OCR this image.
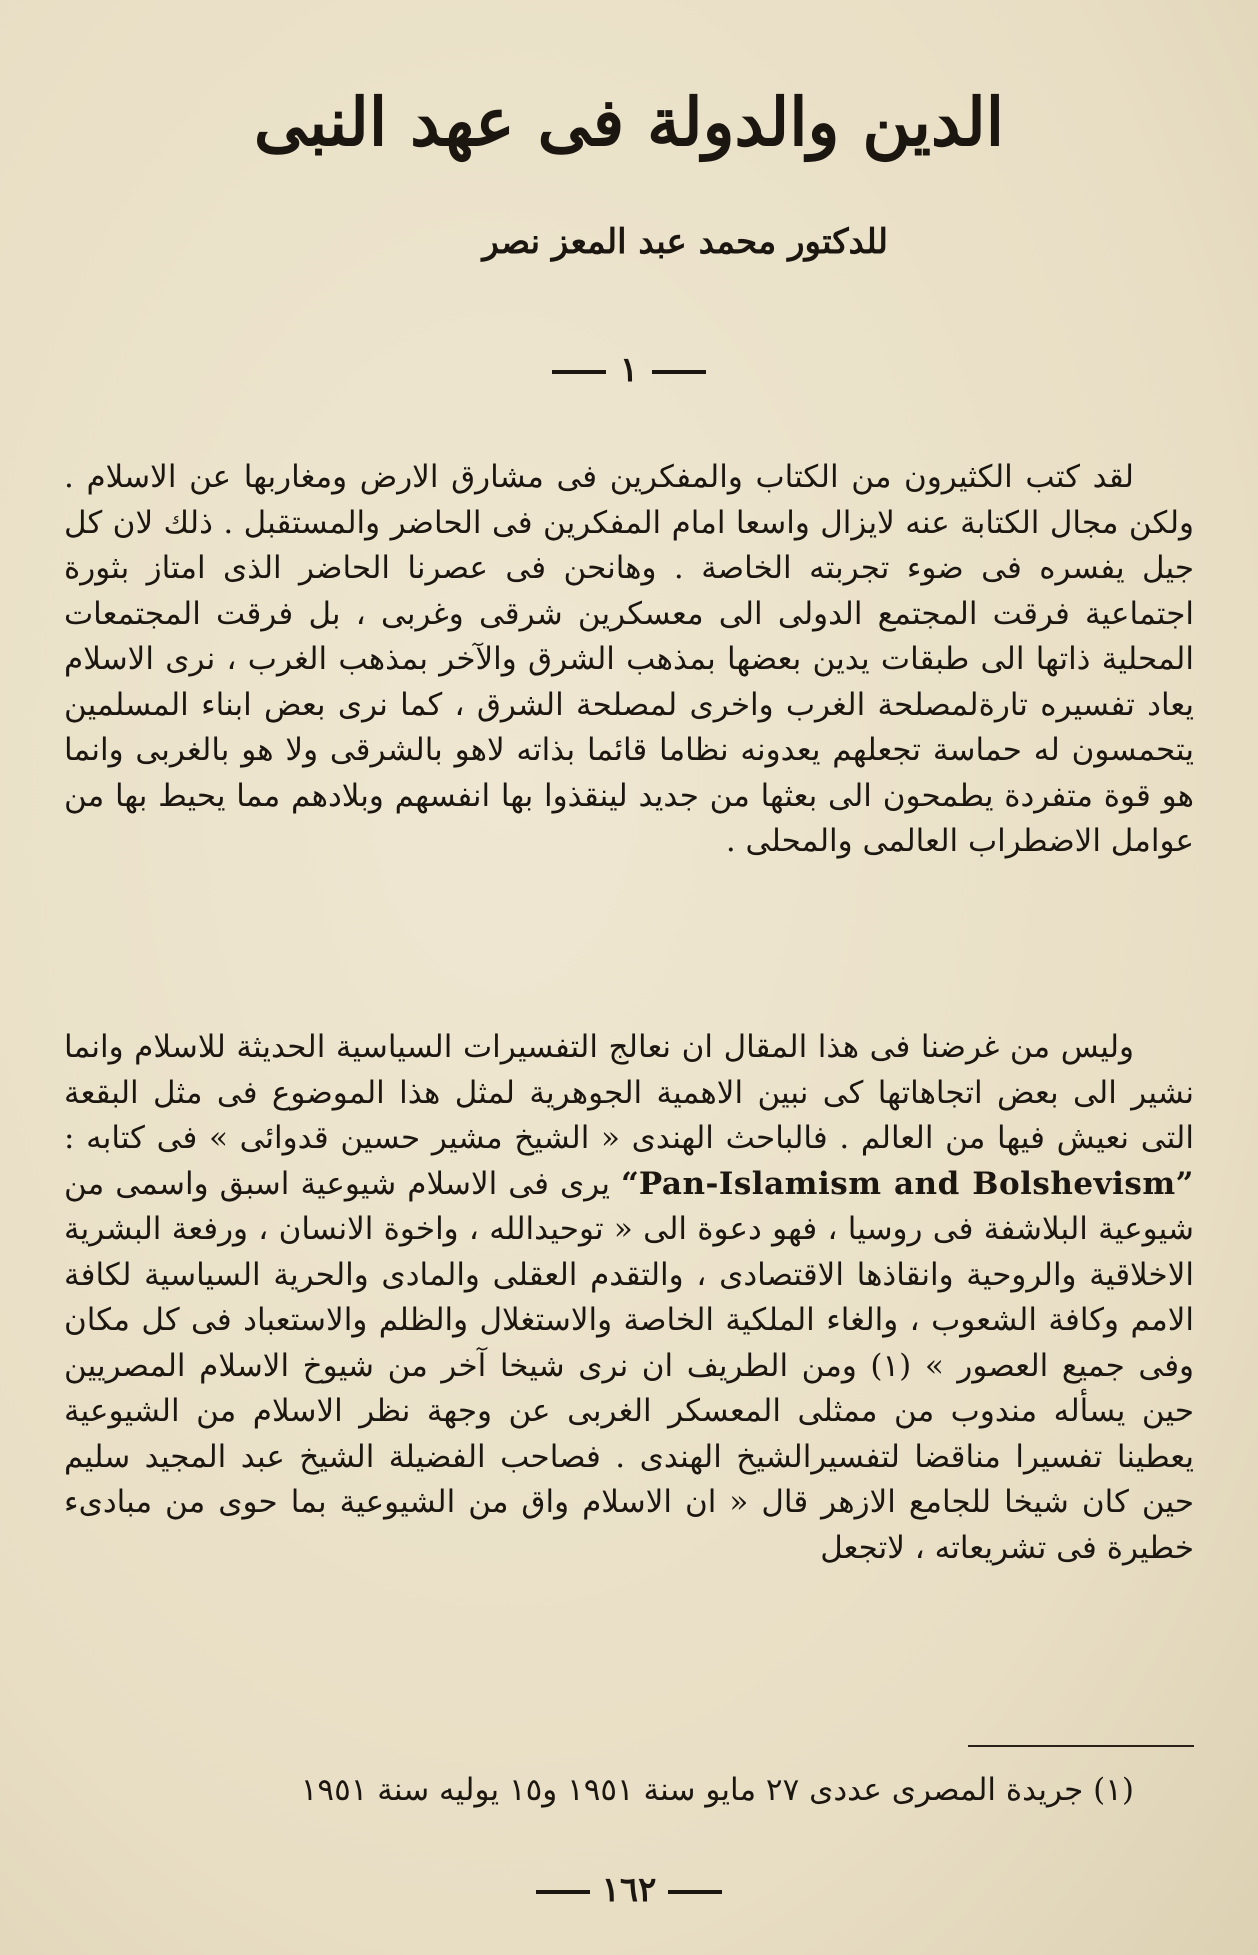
الدين والدولة فى عهد النبى

للدكتور محمد عبد المعز نصر

١

لقد كتب الكثيرون من الكتاب والمفكرين فى مشارق الارض ومغاربها عن الاسلام . ولكن مجال الكتابة عنه لايزال واسعا امام المفكرين فى الحاضر والمستقبل . ذلك لان كل جيل يفسره فى ضوء تجربته الخاصة . وهانحن فى عصرنا الحاضر الذى امتاز بثورة اجتماعية فرقت المجتمع الدولى الى معسكرين شرقى وغربى ، بل فرقت المجتمعات المحلية ذاتها الى طبقات يدين بعضها بمذهب الشرق والآخر بمذهب الغرب ، نرى الاسلام يعاد تفسيره تارةلمصلحة الغرب واخرى لمصلحة الشرق ، كما نرى بعض ابناء المسلمين يتحمسون له حماسة تجعلهم يعدونه نظاما قائما بذاته لاهو بالشرقى ولا هو بالغربى وانما هو قوة متفردة يطمحون الى بعثها من جديد لينقذوا بها انفسهم وبلادهم مما يحيط بها من عوامل الاضطراب العالمى والمحلى .

وليس من غرضنا فى هذا المقال ان نعالج التفسيرات السياسية الحديثة للاسلام وانما نشير الى بعض اتجاهاتها كى نبين الاهمية الجوهرية لمثل هذا الموضوع فى مثل البقعة التى نعيش فيها من العالم . فالباحث الهندى « الشيخ مشير حسين قدوائى » فى كتابه : “Pan-Islamism and Bolshevism” يرى فى الاسلام شيوعية اسبق واسمى من شيوعية البلاشفة فى روسيا ، فهو دعوة الى « توحيدالله ، واخوة الانسان ، ورفعة البشرية الاخلاقية والروحية وانقاذها الاقتصادى ، والتقدم العقلى والمادى والحرية السياسية لكافة الامم وكافة الشعوب ، والغاء الملكية الخاصة والاستغلال والظلم والاستعباد فى كل مكان وفى جميع العصور » (١) ومن الطريف ان نرى شيخا آخر من شيوخ الاسلام المصريين حين يسأله مندوب من ممثلى المعسكر الغربى عن وجهة نظر الاسلام من الشيوعية يعطينا تفسيرا مناقضا لتفسيرالشيخ الهندى . فصاحب الفضيلة الشيخ عبد المجيد سليم حين كان شيخا للجامع الازهر قال « ان الاسلام واق من الشيوعية بما حوى من مبادىء خطيرة فى تشريعاته ، لاتجعل

(١) جريدة المصرى عددى ٢٧ مايو سنة ١٩٥١ و١٥ يوليه سنة ١٩٥١

١٦٢
